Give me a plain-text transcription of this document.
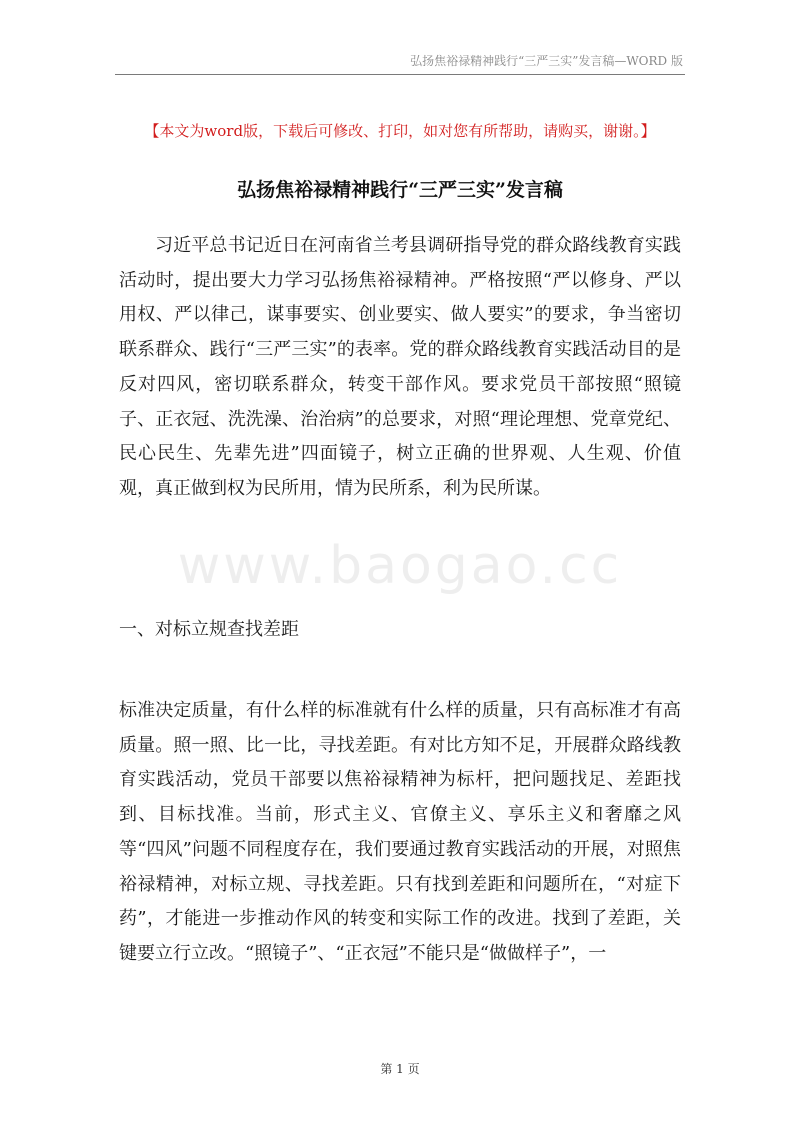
弘扬焦裕禄精神践行“三严三实”发言稿—WORD 版
【本文为word版，下载后可修改、打印，如对您有所帮助，请购买，谢谢。】
弘扬焦裕禄精神践行“三严三实”发言稿

习近平总书记近日在河南省兰考县调研指导党的群众路线教育实践活动时，提出要大力学习弘扬焦裕禄精神。严格按照“严以修身、严以用权、严以律己，谋事要实、创业要实、做人要实”的要求，争当密切联系群众、践行“三严三实”的表率。党的群众路线教育实践活动目的是反对四风，密切联系群众，转变干部作风。要求党员干部按照“照镜子、正衣冠、洗洗澡、治治病”的总要求，对照“理论理想、党章党纪、民心民生、先辈先进”四面镜子，树立正确的世界观、人生观、价值观，真正做到权为民所用，情为民所系，利为民所谋。

www.baogao.cc

一、对标立规查找差距

标准决定质量，有什么样的标准就有什么样的质量，只有高标准才有高质量。照一照、比一比，寻找差距。有对比方知不足，开展群众路线教育实践活动，党员干部要以焦裕禄精神为标杆，把问题找足、差距找到、目标找准。当前，形式主义、官僚主义、享乐主义和奢靡之风等“四风”问题不同程度存在，我们要通过教育实践活动的开展，对照焦裕禄精神，对标立规、寻找差距。只有找到差距和问题所在，“对症下药”，才能进一步推动作风的转变和实际工作的改进。找到了差距，关键要立行立改。“照镜子”、“正衣冠”不能只是“做做样子”，一

第 1 页
